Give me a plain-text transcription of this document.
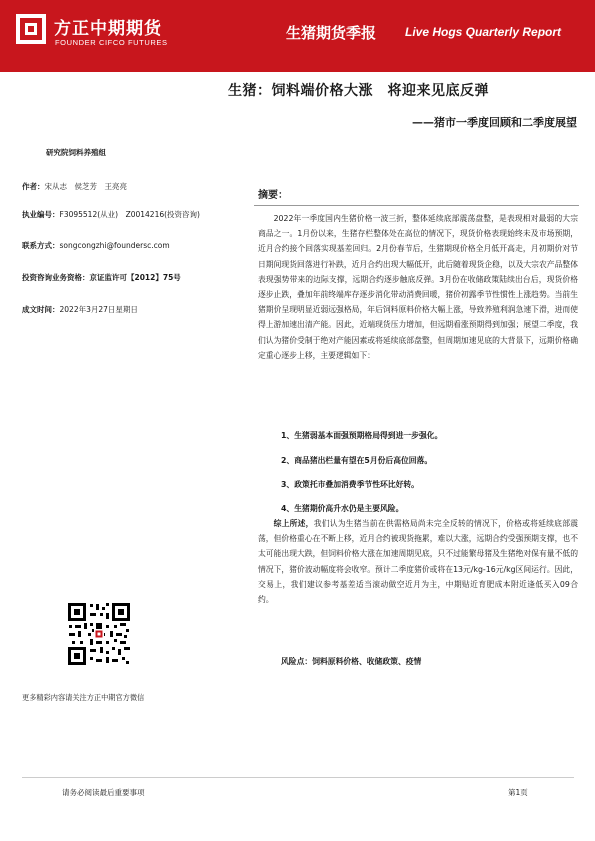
方正中期期货
FOUNDER CIFCO FUTURES
生猪期货季报 Live Hogs Quarterly Report
生猪：饲料端价格大涨　将迎来见底反弹
——猪市一季度回顾和二季度展望
研究院饲料养殖组
作者：宋从志　侯芝芳　王亮亮
执业编号：F3095512(从业)　Z0014216(投资咨询)
联系方式：songcongzhi@foundersc.com
投资咨询业务资格：京证监许可【2012】75号
成文时间：2022年3月27日星期日
摘要：
2022年一季度国内生猪价格一波三折，整体延续底部震荡盘整，是表现相对最弱的大宗商品之一。1月份以来，生猪存栏整体处在高位的情况下，现货价格表现始终未及市场预期，近月合约接个回落实现基差回归。2月份春节后，生猪期现价格全月低开高走，月初期价对节日期间现货回落进行补跌，近月合约出现大幅低开，此后随着现货企稳，以及大宗农产品整体表现强势带来的边际支撑，远期合约逐步触底反弹。3月份在收储政策陆续出台后，现货价格逐步止跌，叠加年前终端库存逐步消化带动消费回暖，猪价初露季节性惯性上涨趋势。当前生猪期价呈现明显近弱远强格局，年后饲料原料价格大幅上涨，导致养殖利润急速下滑，进而使得上游加速出清产能。因此，近端现货压力增加，但远期看涨预期得到加强；展望二季度，我们认为猪价受制于绝对产能因素或将延续底部盘整，但周期加速见底的大背景下，远期价格确定重心逐步上移，主要逻辑如下：
1、生猪弱基本面强预期格局得到进一步强化。
2、商品猪出栏量有望在5月份后高位回落。
3、政策托市叠加消费季节性环比好转。
4、生猪期价高升水仍是主要风险。
综上所述，我们认为生猪当前在供需格局尚未完全反转的情况下，价格或将延续底部震荡，但价格重心在不断上移，近月合约被现货拖累，难以大涨，远期合约受强预期支撑，也不太可能出现大跌，但饲料价格大涨在加速周期见底，只不过能繁母猪及生猪绝对保有量不低的情况下，猪价波动幅度将会收窄。预计二季度猪价或将在13元/kg-16元/kg区间运行。因此，交易上，我们建议参考基差适当滚动做空近月为主，中期贴近育肥成本附近逢低买入09合约。
风险点：饲料原料价格、收储政策、疫情
更多精彩内容请关注方正中期官方微信
请务必阅读最后重要事项	第1页
